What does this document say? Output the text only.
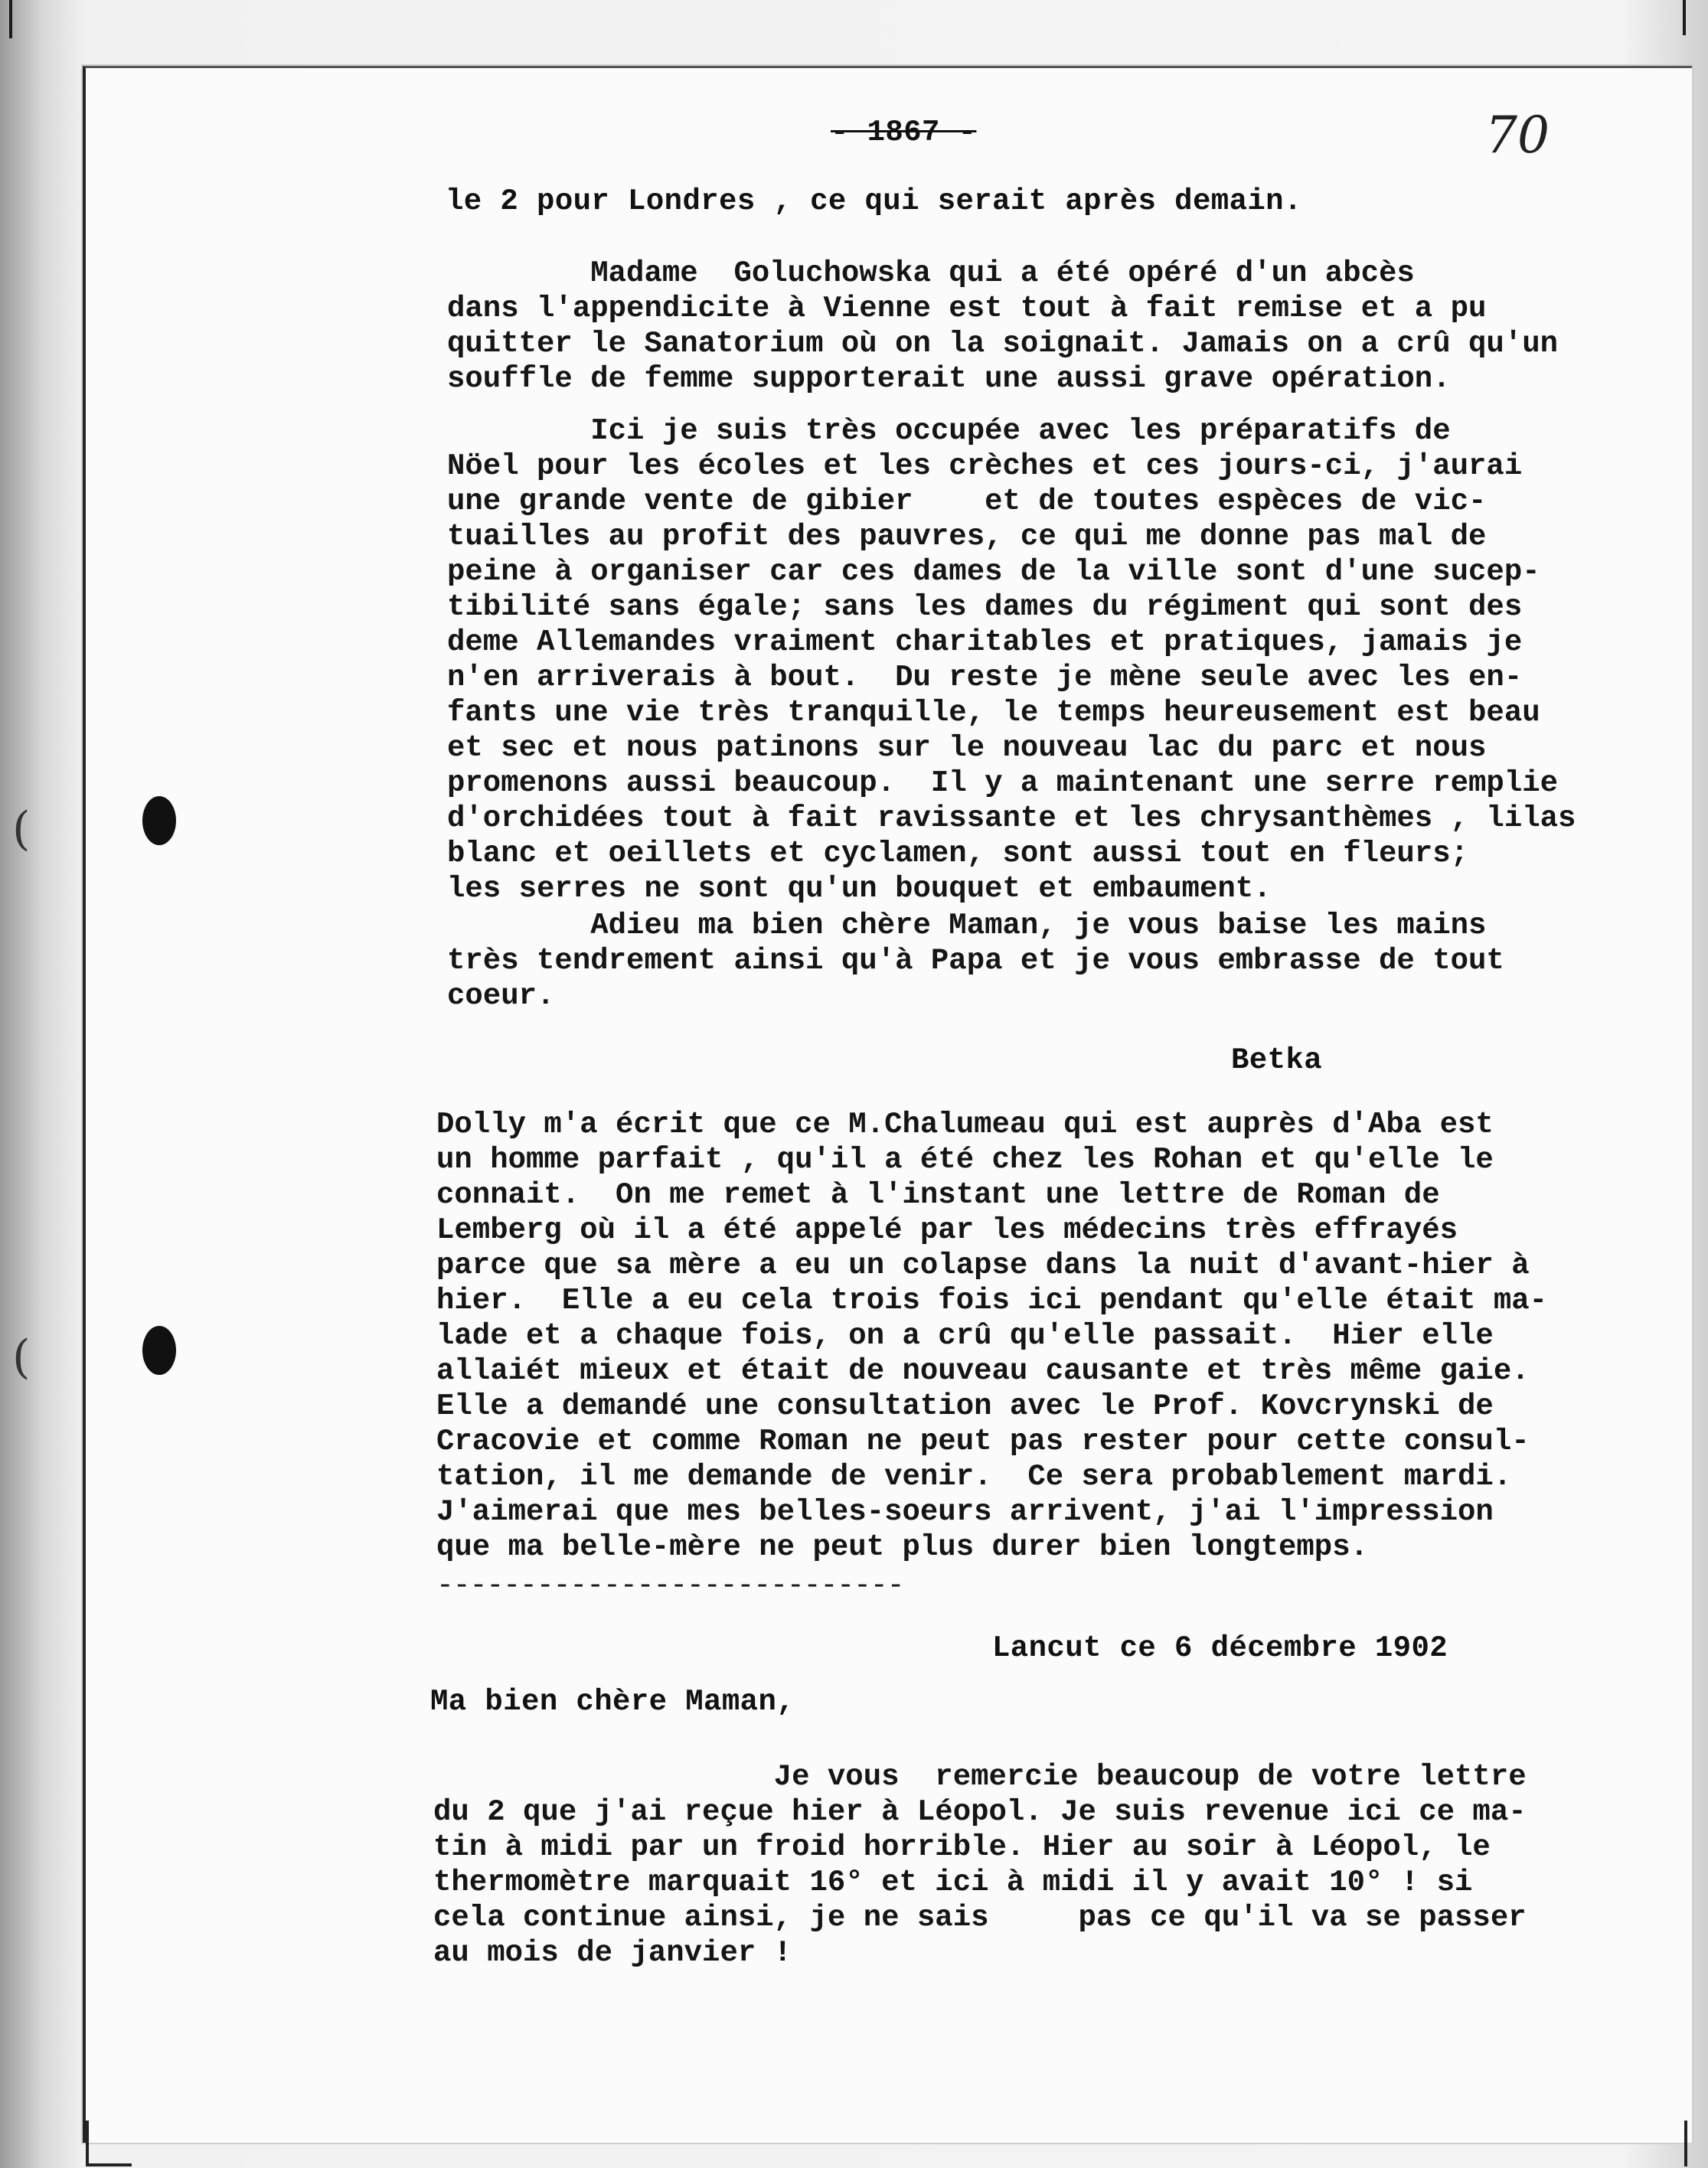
(
(
- 1867 -	70
le 2 pour Londres , ce qui serait après demain.
Madame  Goluchowska qui a été opéré d'un abcès
dans l'appendicite à Vienne est tout à fait remise et a pu
quitter le Sanatorium où on la soignait. Jamais on a crû qu'un
souffle de femme supporterait une aussi grave opération.
Ici je suis très occupée avec les préparatifs de
Nöel pour les écoles et les crèches et ces jours-ci, j'aurai
une grande vente de gibier    et de toutes espèces de vic-
tuailles au profit des pauvres, ce qui me donne pas mal de
peine à organiser car ces dames de la ville sont d'une sucep-
tibilité sans égale; sans les dames du régiment qui sont des
deme Allemandes vraiment charitables et pratiques, jamais je
n'en arriverais à bout.  Du reste je mène seule avec les en-
fants une vie très tranquille, le temps heureusement est beau
et sec et nous patinons sur le nouveau lac du parc et nous
promenons aussi beaucoup.  Il y a maintenant une serre remplie
d'orchidées tout à fait ravissante et les chrysanthèmes , lilas
blanc et oeillets et cyclamen, sont aussi tout en fleurs;
les serres ne sont qu'un bouquet et embaument.
Adieu ma bien chère Maman, je vous baise les mains
très tendrement ainsi qu'à Papa et je vous embrasse de tout
coeur.
Betka
Dolly m'a écrit que ce M.Chalumeau qui est auprès d'Aba est
un homme parfait , qu'il a été chez les Rohan et qu'elle le
connait.  On me remet à l'instant une lettre de Roman de
Lemberg où il a été appelé par les médecins très effrayés
parce que sa mère a eu un colapse dans la nuit d'avant-hier à
hier.  Elle a eu cela trois fois ici pendant qu'elle était ma-
lade et a chaque fois, on a crû qu'elle passait.  Hier elle
allaiét mieux et était de nouveau causante et très même gaie.
Elle a demandé une consultation avec le Prof. Kovcrynski de
Cracovie et comme Roman ne peut pas rester pour cette consul-
tation, il me demande de venir.  Ce sera probablement mardi.
J'aimerai que mes belles-soeurs arrivent, j'ai l'impression
que ma belle-mère ne peut plus durer bien longtemps.
----------------------------
Lancut ce 6 décembre 1902
Ma bien chère Maman,
Je vous  remercie beaucoup de votre lettre
du 2 que j'ai reçue hier à Léopol. Je suis revenue ici ce ma-
tin à midi par un froid horrible. Hier au soir à Léopol, le
thermomètre marquait 16° et ici à midi il y avait 10° ! si
cela continue ainsi, je ne sais     pas ce qu'il va se passer
au mois de janvier !
